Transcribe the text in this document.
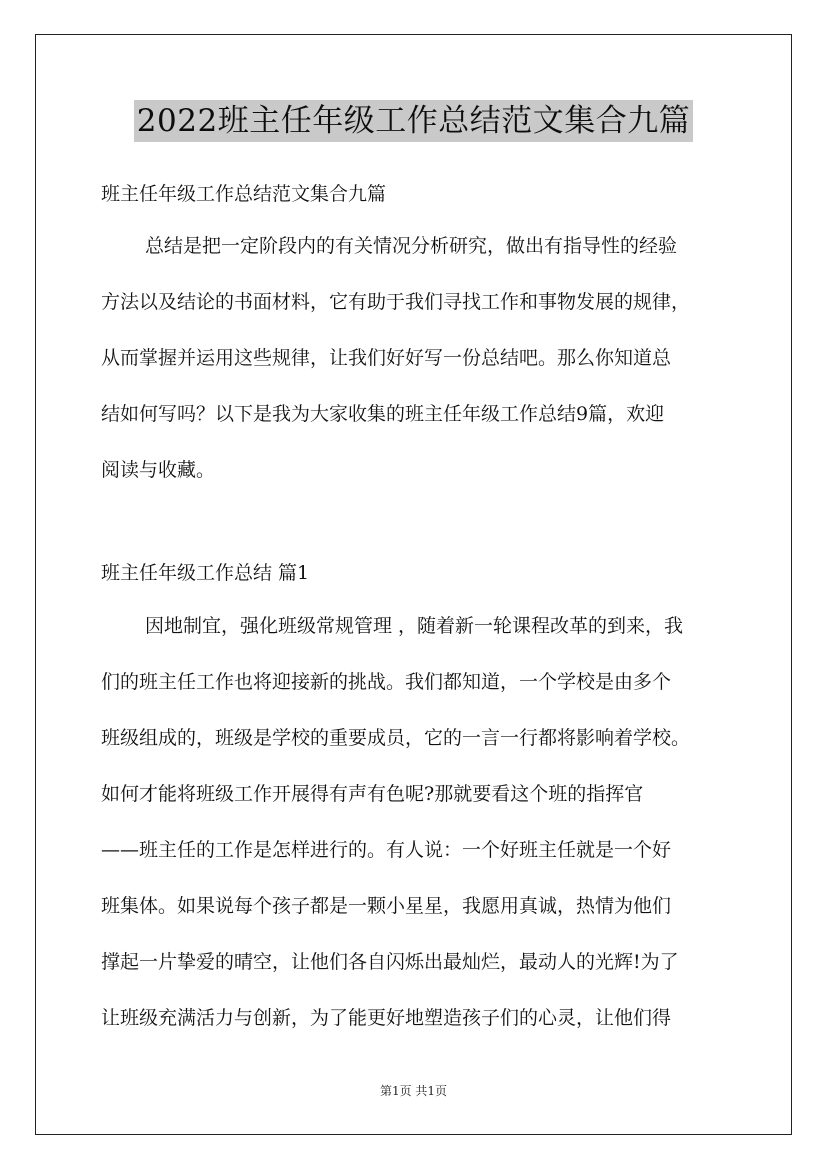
2022班主任年级工作总结范文集合九篇
班主任年级工作总结范文集合九篇
总结是把一定阶段内的有关情况分析研究，做出有指导性的经验
方法以及结论的书面材料，它有助于我们寻找工作和事物发展的规律，
从而掌握并运用这些规律，让我们好好写一份总结吧。那么你知道总
结如何写吗？以下是我为大家收集的班主任年级工作总结9篇，欢迎
阅读与收藏。
班主任年级工作总结 篇1
因地制宜，强化班级常规管理 ，随着新一轮课程改革的到来，我
们的班主任工作也将迎接新的挑战。我们都知道，一个学校是由多个
班级组成的，班级是学校的重要成员，它的一言一行都将影响着学校。
如何才能将班级工作开展得有声有色呢?那就要看这个班的指挥官
——班主任的工作是怎样进行的。有人说：一个好班主任就是一个好
班集体。如果说每个孩子都是一颗小星星，我愿用真诚，热情为他们
撑起一片挚爱的晴空，让他们各自闪烁出最灿烂，最动人的光辉!为了
让班级充满活力与创新，为了能更好地塑造孩子们的心灵，让他们得
第1页 共1页
